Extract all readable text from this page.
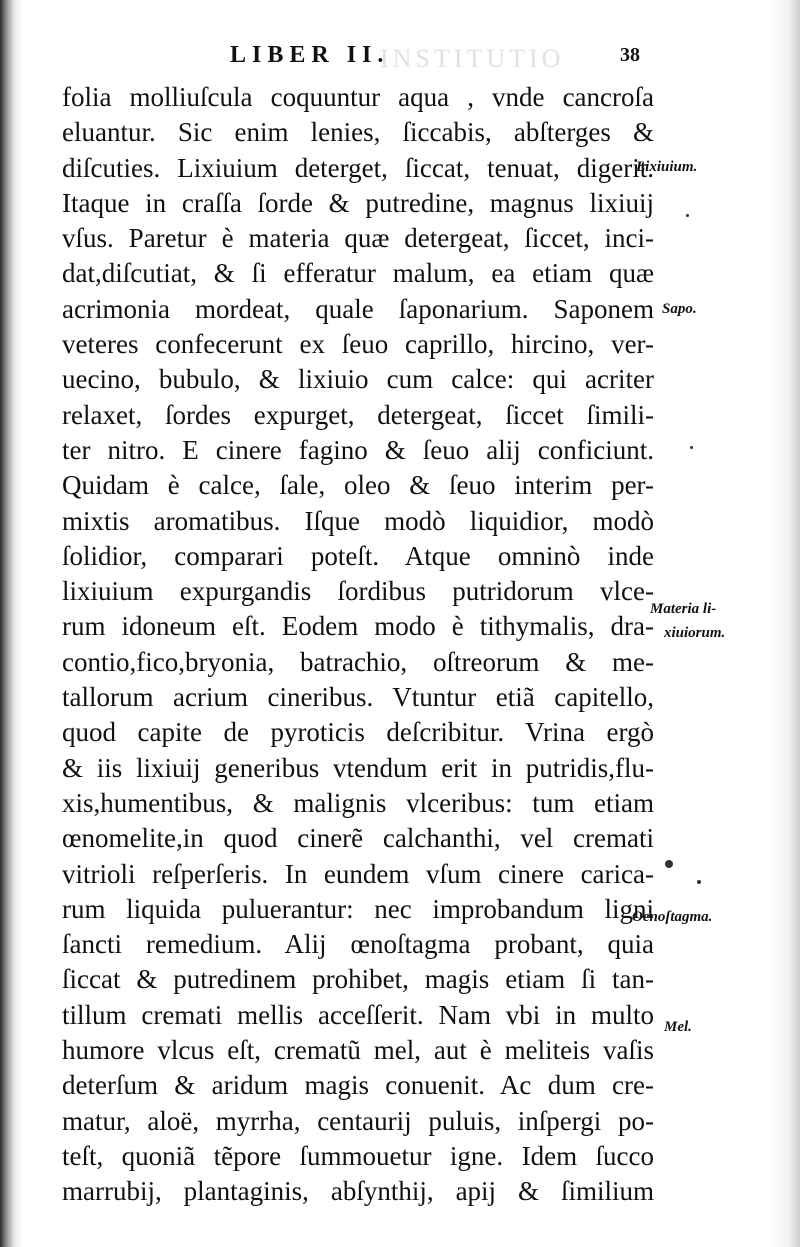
INSTITUTIO
LIBER II.	38
folia molliuſcula coquuntur aqua , vnde cancroſa
eluantur. Sic enim lenies, ſiccabis, abſterges &
diſcuties. Lixiuium deterget, ſiccat, tenuat, digerit.
Itaque in craſſa ſorde & putredine, magnus lixiuij
vſus. Paretur è materia quæ detergeat, ſiccet, inci-
dat,diſcutiat, & ſi efferatur malum, ea etiam quæ
acrimonia mordeat, quale ſaponarium. Saponem
veteres confecerunt ex ſeuo caprillo, hircino, ver-
uecino, bubulo, & lixiuio cum calce: qui acriter
relaxet, ſordes expurget, detergeat, ſiccet ſimili-
ter nitro. E cinere fagino & ſeuo alij conficiunt.
Quidam è calce, ſale, oleo & ſeuo interim per-
mixtis aromatibus. Iſque modò liquidior, modò
ſolidior, comparari poteſt. Atque omninò inde
lixiuium expurgandis ſordibus putridorum vlce-
rum idoneum eſt. Eodem modo è tithymalis, dra-
contio,fico,bryonia, batrachio, oſtreorum & me-
tallorum acrium cineribus. Vtuntur etiã capitello,
quod capite de pyroticis deſcribitur. Vrina ergò
& iis lixiuij generibus vtendum erit in putridis,flu-
xis,humentibus, & malignis vlceribus: tum etiam
œnomelite,in quod cinerẽ calchanthi, vel cremati
vitrioli reſperſeris. In eundem vſum cinere carica-
rum liquida puluerantur: nec improbandum ligni
ſancti remedium. Alij œnoſtagma probant, quia
ſiccat & putredinem prohibet, magis etiam ſi tan-
tillum cremati mellis acceſſerit. Nam vbi in multo
humore vlcus eſt, crematũ mel, aut è meliteis vaſis
deterſum & aridum magis conuenit. Ac dum cre-
matur, aloë, myrrha, centaurij puluis, inſpergi po-
teſt, quoniã tẽpore ſummouetur igne. Idem ſucco
marrubij, plantaginis, abſynthij, apij & ſimilium
Lixiuium.
Sapo.
Materia li-
xiuiorum.
Oenoſtagma.
Mel.
